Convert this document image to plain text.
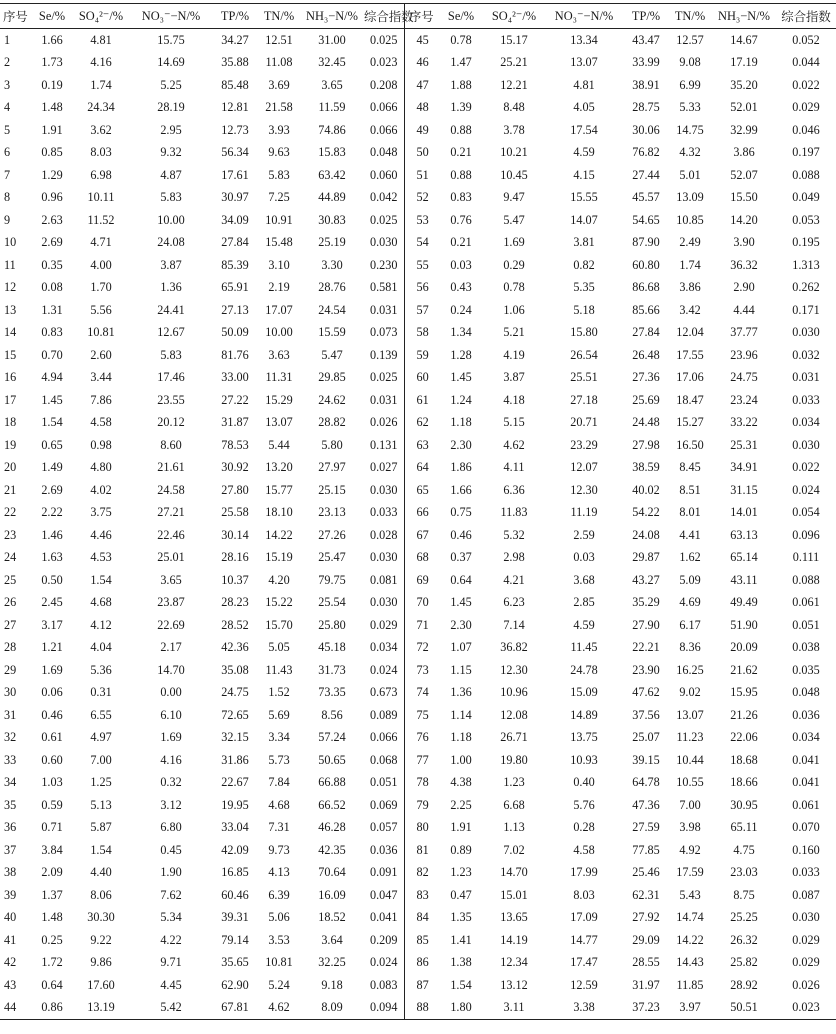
序号	Se/%	SO₄²⁻/%	NO₃⁻−N/%	TP/%	TN/%	NH₃−N/%	综合指数	序号	Se/%	SO₄²⁻/%	NO₃⁻−N/%	TP/%	TN/%	NH₃−N/%	综合指数
1	1.66	4.81	15.75	34.27	12.51	31.00	0.025	45	0.78	15.17	13.34	43.47	12.57	14.67	0.052
2	1.73	4.16	14.69	35.88	11.08	32.45	0.023	46	1.47	25.21	13.07	33.99	9.08	17.19	0.044
3	0.19	1.74	5.25	85.48	3.69	3.65	0.208	47	1.88	12.21	4.81	38.91	6.99	35.20	0.022
4	1.48	24.34	28.19	12.81	21.58	11.59	0.066	48	1.39	8.48	4.05	28.75	5.33	52.01	0.029
5	1.91	3.62	2.95	12.73	3.93	74.86	0.066	49	0.88	3.78	17.54	30.06	14.75	32.99	0.046
6	0.85	8.03	9.32	56.34	9.63	15.83	0.048	50	0.21	10.21	4.59	76.82	4.32	3.86	0.197
7	1.29	6.98	4.87	17.61	5.83	63.42	0.060	51	0.88	10.45	4.15	27.44	5.01	52.07	0.088
8	0.96	10.11	5.83	30.97	7.25	44.89	0.042	52	0.83	9.47	15.55	45.57	13.09	15.50	0.049
9	2.63	11.52	10.00	34.09	10.91	30.83	0.025	53	0.76	5.47	14.07	54.65	10.85	14.20	0.053
10	2.69	4.71	24.08	27.84	15.48	25.19	0.030	54	0.21	1.69	3.81	87.90	2.49	3.90	0.195
11	0.35	4.00	3.87	85.39	3.10	3.30	0.230	55	0.03	0.29	0.82	60.80	1.74	36.32	1.313
12	0.08	1.70	1.36	65.91	2.19	28.76	0.581	56	0.43	0.78	5.35	86.68	3.86	2.90	0.262
13	1.31	5.56	24.41	27.13	17.07	24.54	0.031	57	0.24	1.06	5.18	85.66	3.42	4.44	0.171
14	0.83	10.81	12.67	50.09	10.00	15.59	0.073	58	1.34	5.21	15.80	27.84	12.04	37.77	0.030
15	0.70	2.60	5.83	81.76	3.63	5.47	0.139	59	1.28	4.19	26.54	26.48	17.55	23.96	0.032
16	4.94	3.44	17.46	33.00	11.31	29.85	0.025	60	1.45	3.87	25.51	27.36	17.06	24.75	0.031
17	1.45	7.86	23.55	27.22	15.29	24.62	0.031	61	1.24	4.18	27.18	25.69	18.47	23.24	0.033
18	1.54	4.58	20.12	31.87	13.07	28.82	0.026	62	1.18	5.15	20.71	24.48	15.27	33.22	0.034
19	0.65	0.98	8.60	78.53	5.44	5.80	0.131	63	2.30	4.62	23.29	27.98	16.50	25.31	0.030
20	1.49	4.80	21.61	30.92	13.20	27.97	0.027	64	1.86	4.11	12.07	38.59	8.45	34.91	0.022
21	2.69	4.02	24.58	27.80	15.77	25.15	0.030	65	1.66	6.36	12.30	40.02	8.51	31.15	0.024
22	2.22	3.75	27.21	25.58	18.10	23.13	0.033	66	0.75	11.83	11.19	54.22	8.01	14.01	0.054
23	1.46	4.46	22.46	30.14	14.22	27.26	0.028	67	0.46	5.32	2.59	24.08	4.41	63.13	0.096
24	1.63	4.53	25.01	28.16	15.19	25.47	0.030	68	0.37	2.98	0.03	29.87	1.62	65.14	0.111
25	0.50	1.54	3.65	10.37	4.20	79.75	0.081	69	0.64	4.21	3.68	43.27	5.09	43.11	0.088
26	2.45	4.68	23.87	28.23	15.22	25.54	0.030	70	1.45	6.23	2.85	35.29	4.69	49.49	0.061
27	3.17	4.12	22.69	28.52	15.70	25.80	0.029	71	2.30	7.14	4.59	27.90	6.17	51.90	0.051
28	1.21	4.04	2.17	42.36	5.05	45.18	0.034	72	1.07	36.82	11.45	22.21	8.36	20.09	0.038
29	1.69	5.36	14.70	35.08	11.43	31.73	0.024	73	1.15	12.30	24.78	23.90	16.25	21.62	0.035
30	0.06	0.31	0.00	24.75	1.52	73.35	0.673	74	1.36	10.96	15.09	47.62	9.02	15.95	0.048
31	0.46	6.55	6.10	72.65	5.69	8.56	0.089	75	1.14	12.08	14.89	37.56	13.07	21.26	0.036
32	0.61	4.97	1.69	32.15	3.34	57.24	0.066	76	1.18	26.71	13.75	25.07	11.23	22.06	0.034
33	0.60	7.00	4.16	31.86	5.73	50.65	0.068	77	1.00	19.80	10.93	39.15	10.44	18.68	0.041
34	1.03	1.25	0.32	22.67	7.84	66.88	0.051	78	4.38	1.23	0.40	64.78	10.55	18.66	0.041
35	0.59	5.13	3.12	19.95	4.68	66.52	0.069	79	2.25	6.68	5.76	47.36	7.00	30.95	0.061
36	0.71	5.87	6.80	33.04	7.31	46.28	0.057	80	1.91	1.13	0.28	27.59	3.98	65.11	0.070
37	3.84	1.54	0.45	42.09	9.73	42.35	0.036	81	0.89	7.02	4.58	77.85	4.92	4.75	0.160
38	2.09	4.40	1.90	16.85	4.13	70.64	0.091	82	1.23	14.70	17.99	25.46	17.59	23.03	0.033
39	1.37	8.06	7.62	60.46	6.39	16.09	0.047	83	0.47	15.01	8.03	62.31	5.43	8.75	0.087
40	1.48	30.30	5.34	39.31	5.06	18.52	0.041	84	1.35	13.65	17.09	27.92	14.74	25.25	0.030
41	0.25	9.22	4.22	79.14	3.53	3.64	0.209	85	1.41	14.19	14.77	29.09	14.22	26.32	0.029
42	1.72	9.86	9.71	35.65	10.81	32.25	0.024	86	1.38	12.34	17.47	28.55	14.43	25.82	0.029
43	0.64	17.60	4.45	62.90	5.24	9.18	0.083	87	1.54	13.12	12.59	31.97	11.85	28.92	0.026
44	0.86	13.19	5.42	67.81	4.62	8.09	0.094	88	1.80	3.11	3.38	37.23	3.97	50.51	0.023
